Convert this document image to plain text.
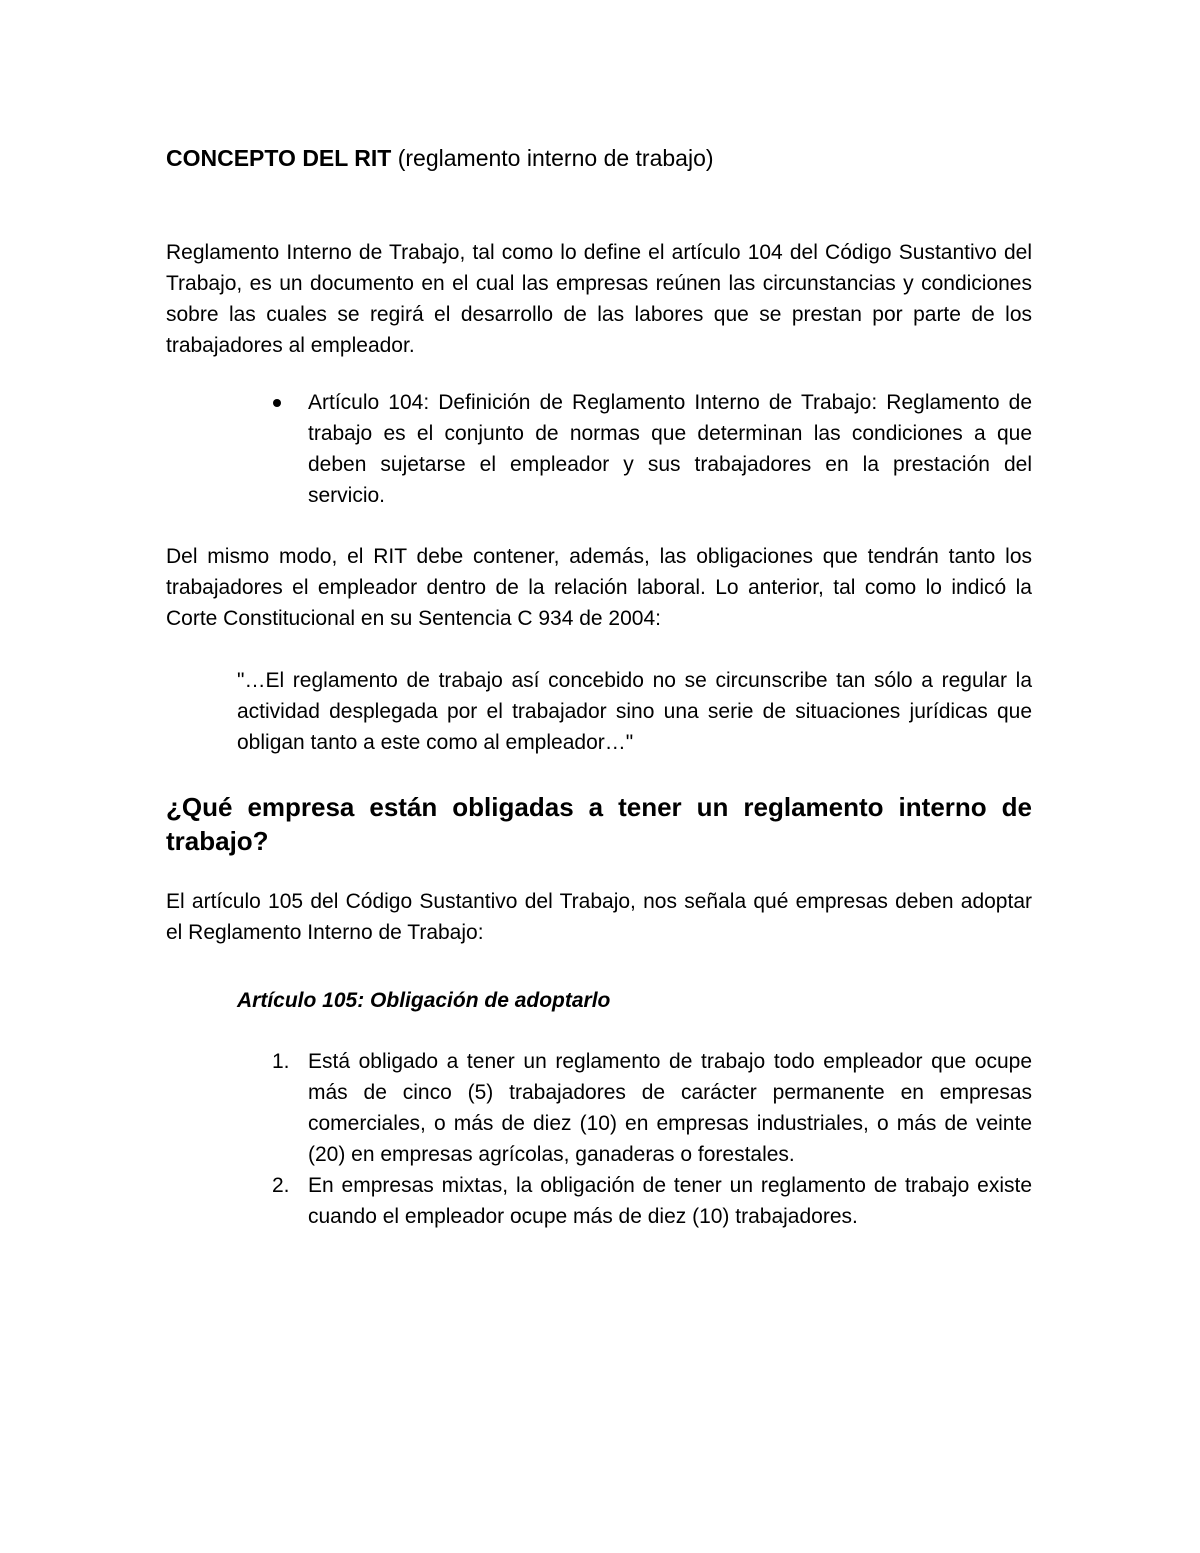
CONCEPTO DEL RIT (reglamento interno de trabajo)

Reglamento Interno de Trabajo, tal como lo define el artículo 104 del Código Sustantivo del Trabajo, es un documento en el cual las empresas reúnen las circunstancias y condiciones sobre las cuales se regirá el desarrollo de las labores que se prestan por parte de los trabajadores al empleador.

Artículo 104: Definición de Reglamento Interno de Trabajo: Reglamento de trabajo es el conjunto de normas que determinan las condiciones a que deben sujetarse el empleador y sus trabajadores en la prestación del servicio.

Del mismo modo, el RIT debe contener, además, las obligaciones que tendrán tanto los trabajadores el empleador dentro de la relación laboral. Lo anterior, tal como lo indicó la Corte Constitucional en su Sentencia C 934 de 2004:

"…El reglamento de trabajo así concebido no se circunscribe tan sólo a regular la actividad desplegada por el trabajador sino una serie de situaciones jurídicas que obligan tanto a este como al empleador…"

¿Qué empresa están obligadas a tener un reglamento interno de trabajo?

El artículo 105 del Código Sustantivo del Trabajo, nos señala qué empresas deben adoptar el Reglamento Interno de Trabajo:

Artículo 105: Obligación de adoptarlo

1. Está obligado a tener un reglamento de trabajo todo empleador que ocupe más de cinco (5) trabajadores de carácter permanente en empresas comerciales, o más de diez (10) en empresas industriales, o más de veinte (20) en empresas agrícolas, ganaderas o forestales.
2. En empresas mixtas, la obligación de tener un reglamento de trabajo existe cuando el empleador ocupe más de diez (10) trabajadores.
